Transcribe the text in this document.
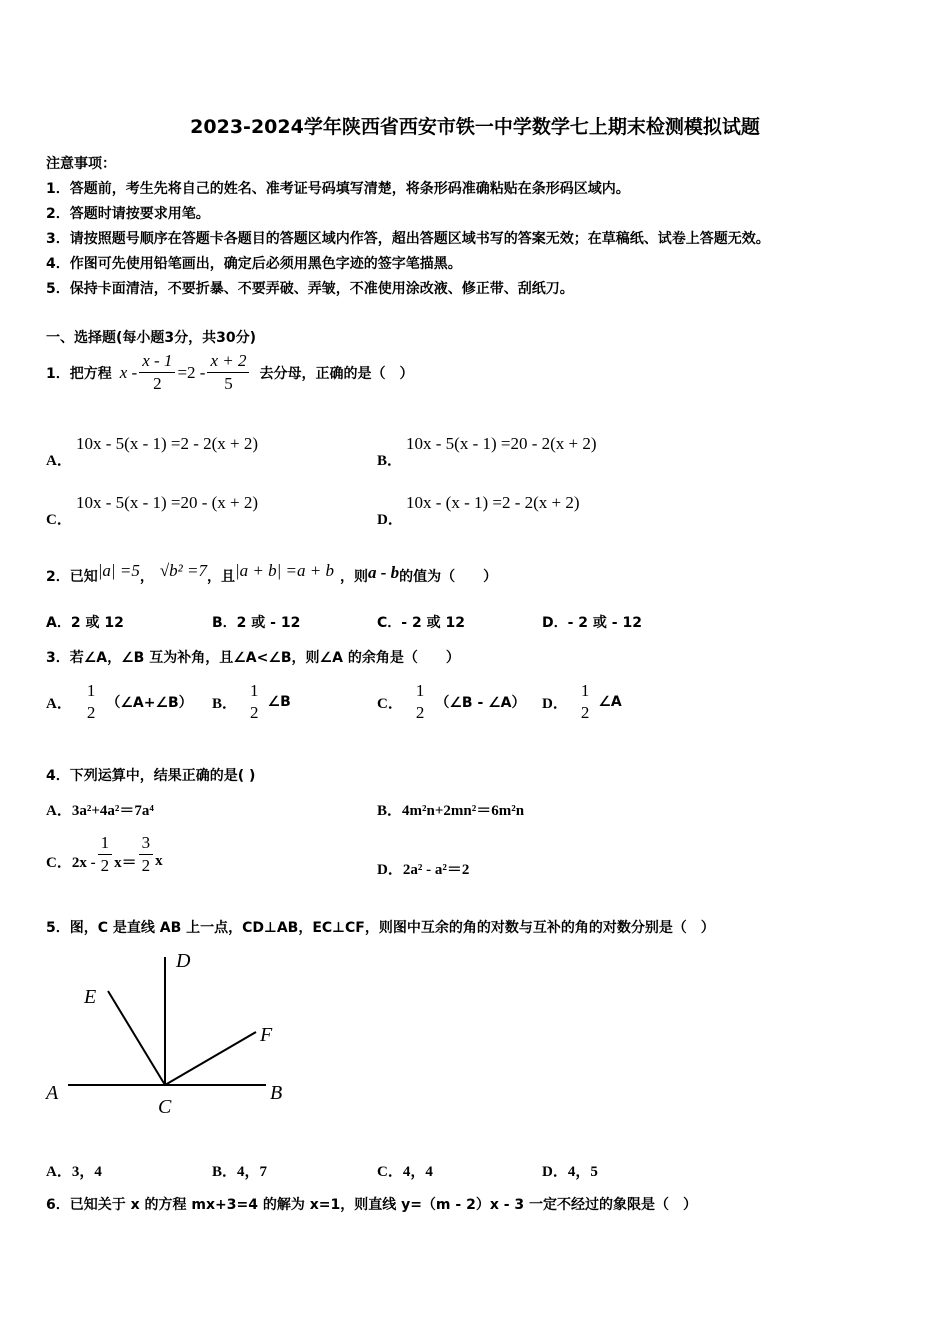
2023-2024学年陕西省西安市铁一中学数学七上期末检测模拟试题
注意事项：
1．答题前，考生先将自己的姓名、准考证号码填写清楚，将条形码准确粘贴在条形码区域内。
2．答题时请按要求用笔。
3．请按照题号顺序在答题卡各题目的答题区域内作答，超出答题区域书写的答案无效；在草稿纸、试卷上答题无效。
4．作图可先使用铅笔画出，确定后必须用黑色字迹的签字笔描黑。
5．保持卡面清洁，不要折暴、不要弄破、弄皱，不准使用涂改液、修正带、刮纸刀。
一、选择题(每小题3分，共30分)
1．把方程 $x - \frac{x - 1}{2} =2 - \frac{x + 2}{5}$ 去分母，正确的是（　）
A．
10x - 5(x - 1) =2 - 2(x + 2)
B．
10x - 5(x - 1) =20 - 2(x + 2)
C．
10x - 5(x - 1) =20 - (x + 2)
D．
10x - (x - 1) =2 - 2(x + 2)
2．已知 |a| =5 ， √b² =7 ，且 |a + b| =a + b ，则 a - b 的值为（　　）
A．2 或 12	B．2 或 - 12	C．- 2 或 12	D．- 2 或 - 12
3．若∠A，∠B 互为补角，且∠A<∠B，则∠A 的余角是（　　）
A．
1
2 （∠A+∠B） B．
1
2
∠B	C．
1
2 （∠B - ∠A） D．
1
2
∠A
4．下列运算中，结果正确的是( )
A．3a²+4a²＝7a⁴	B．4m²n+2mn²＝6m²n
C．$2x - \frac{1}{2} x= \frac{3}{2}$ x
D．2a² - a²＝2
5．图，C 是直线 AB 上一点，CD⊥AB，EC⊥CF，则图中互余的角的对数与互补的角的对数分别是（　）
A	B
C
D
E
F
A．3，4	B．4，7	C．4，4	D．4，5
6．已知关于 x 的方程 mx+3=4 的解为 x=1，则直线 y=（m - 2）x - 3 一定不经过的象限是（　）
